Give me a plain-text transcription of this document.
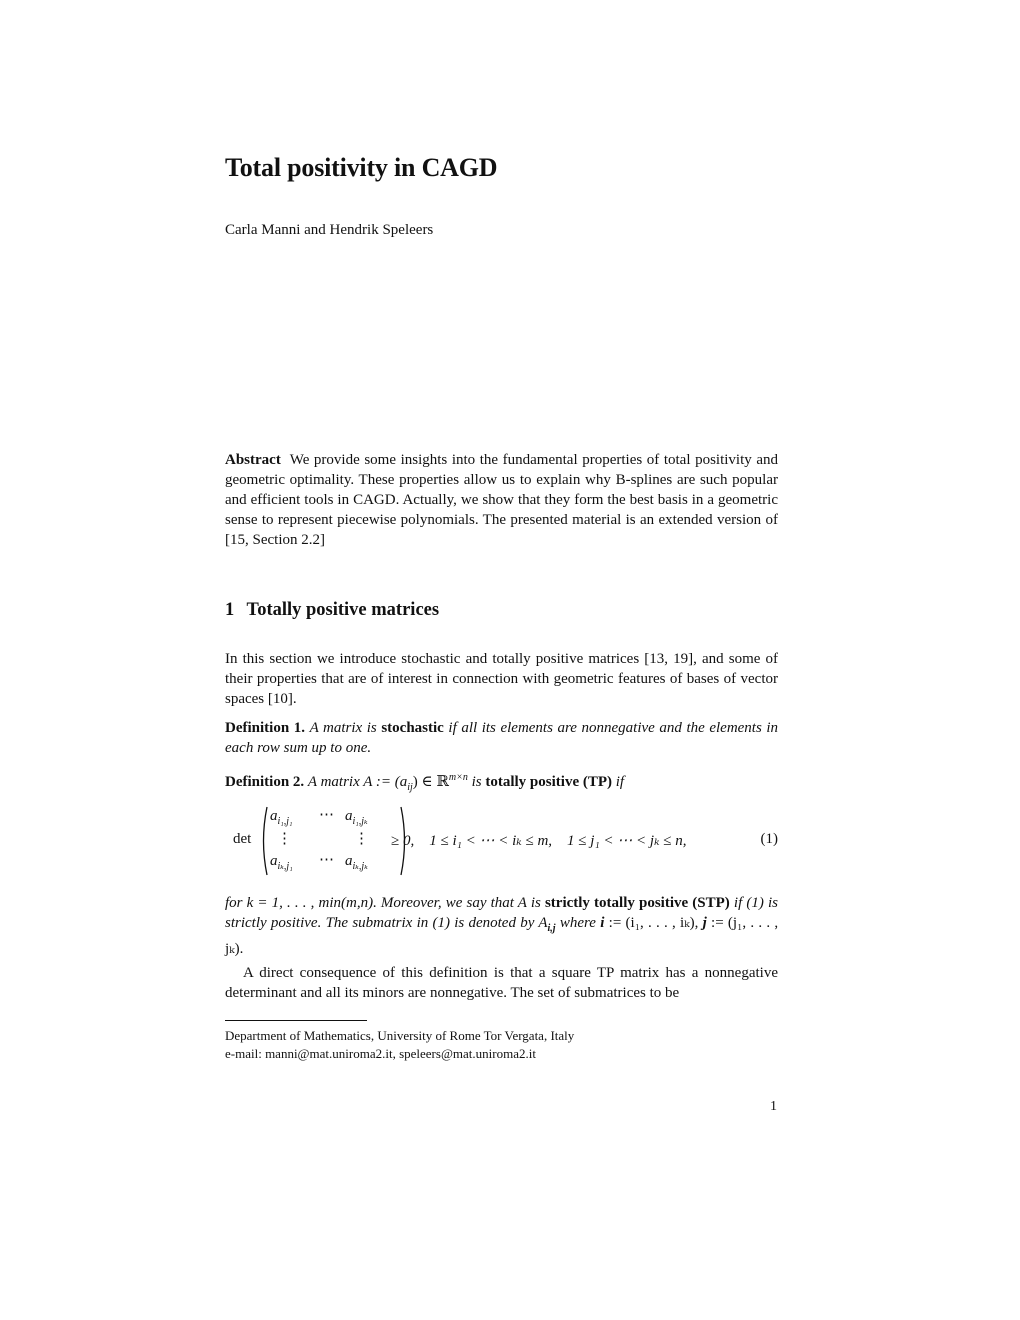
Total positivity in CAGD
Carla Manni and Hendrik Speleers
Abstract We provide some insights into the fundamental properties of total positivity and geometric optimality. These properties allow us to explain why B-splines are such popular and efficient tools in CAGD. Actually, we show that they form the best basis in a geometric sense to represent piecewise polynomials. The presented material is an extended version of [15, Section 2.2]
1 Totally positive matrices
In this section we introduce stochastic and totally positive matrices [13, 19], and some of their properties that are of interest in connection with geometric features of bases of vector spaces [10].
Definition 1. A matrix is stochastic if all its elements are nonnegative and the elements in each row sum up to one.
Definition 2. A matrix A := $(a_{ij})$ ∈ ℝ$^{m\times n}$ is totally positive (TP) if
det
$a_{i_1,j_1}$ ⋯ $a_{i_1,j_k}$
⋮	⋮
$a_{i_k,j_1}$ ⋯ $a_{i_k,j_k}$
≥ 0,    1 ≤ i₁ < ⋯ < iₖ ≤ m,    1 ≤ j₁ < ⋯ < jₖ ≤ n,	(1)
for k = 1, . . . , min(m,n). Moreover, we say that A is strictly totally positive (STP) if (1) is strictly positive. The submatrix in (1) is denoted by $A_{i,j}$ where i := (i₁, . . . , iₖ), j := (j₁, . . . , jₖ).
A direct consequence of this definition is that a square TP matrix has a nonnegative determinant and all its minors are nonnegative. The set of submatrices to be
Department of Mathematics, University of Rome Tor Vergata, Italy
e-mail: manni@mat.uniroma2.it, speleers@mat.uniroma2.it
1
